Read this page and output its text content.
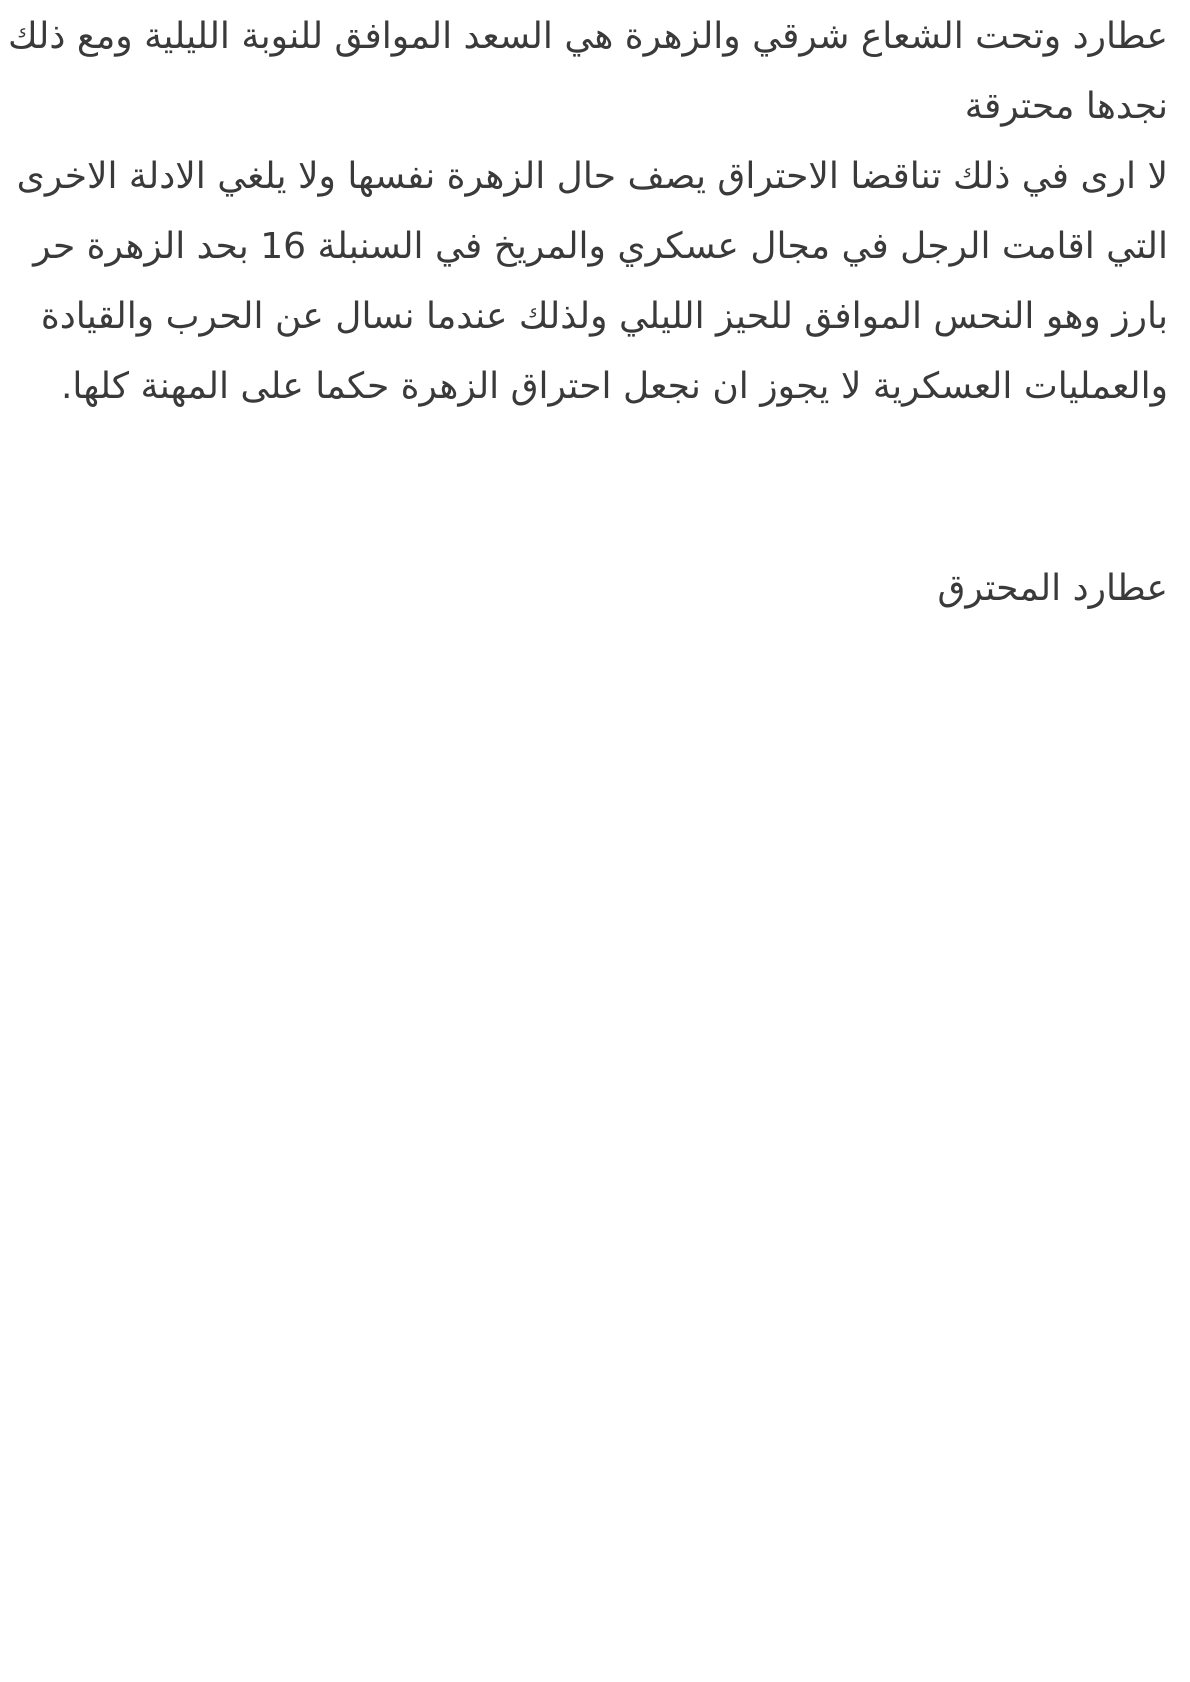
عطارد وتحت الشعاع شرقي والزهرة هي السعد الموافق للنوبة الليلية ومع ذلك
نجدها محترقة
لا ارى في ذلك تناقضا الاحتراق يصف حال الزهرة نفسها ولا يلغي الادلة الاخرى
التي اقامت الرجل في مجال عسكري والمريخ في السنبلة 16 بحد الزهرة حر
بارز وهو النحس الموافق للحيز الليلي ولذلك عندما نسال عن الحرب والقيادة
والعمليات العسكرية لا يجوز ان نجعل احتراق الزهرة حكما على المهنة كلها.
عطارد المحترق
